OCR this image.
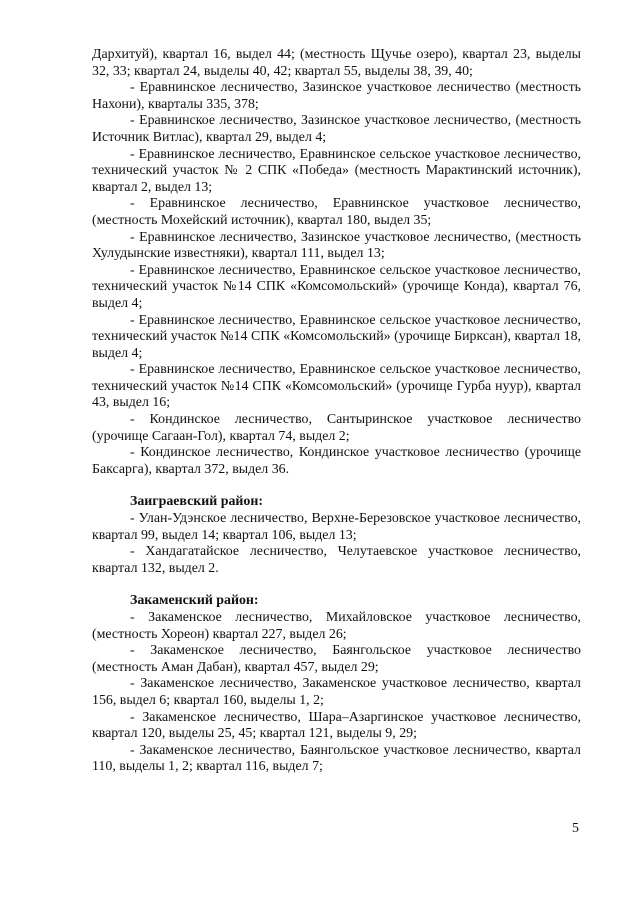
Дархитуй), квартал 16, выдел 44; (местность Щучье озеро), квартал 23, выделы 32, 33; квартал 24, выделы 40, 42; квартал 55, выделы 38, 39, 40;

- Еравнинское лесничество, Зазинское участковое лесничество (местность Нахони), кварталы 335, 378;

- Еравнинское лесничество, Зазинское участковое лесничество, (местность Источник Витлас), квартал 29, выдел 4;

- Еравнинское лесничество, Еравнинское сельское участковое лесничество, технический участок № 2 СПК «Победа» (местность Марактинский источник), квартал 2, выдел 13;

- Еравнинское лесничество, Еравнинское участковое лесничество, (местность Мохейский источник), квартал 180, выдел 35;

- Еравнинское лесничество, Зазинское участковое лесничество, (местность Хулудынские известняки), квартал 111, выдел 13;

- Еравнинское лесничество, Еравнинское сельское участковое лесничество, технический участок №14 СПК «Комсомольский» (урочище Конда), квартал 76, выдел 4;

- Еравнинское лесничество, Еравнинское сельское участковое лесничество, технический участок №14 СПК «Комсомольский» (урочище Бирксан), квартал 18, выдел 4;

- Еравнинское лесничество, Еравнинское сельское участковое лесничество, технический участок №14 СПК «Комсомольский» (урочище Гурба нуур), квартал 43, выдел 16;

- Кондинское лесничество, Сантыринское участковое лесничество (урочище Сагаан-Гол), квартал 74, выдел 2;

- Кондинское лесничество, Кондинское участковое лесничество (урочище Баксарга), квартал 372, выдел 36.

Заиграевский район:

- Улан-Удэнское лесничество, Верхне-Березовское участковое лесничество, квартал 99, выдел 14; квартал 106, выдел 13;

- Хандагатайское лесничество, Челутаевское участковое лесничество, квартал 132, выдел 2.

Закаменский район:

- Закаменское лесничество, Михайловское участковое лесничество, (местность Хореон) квартал 227, выдел 26;

- Закаменское лесничество, Баянгольское участковое лесничество (местность Аман Дабан), квартал 457, выдел 29;

- Закаменское лесничество, Закаменское участковое лесничество, квартал 156, выдел 6; квартал 160, выделы 1, 2;

- Закаменское лесничество, Шара–Азаргинское участковое лесничество, квартал 120, выделы 25, 45; квартал 121, выделы 9, 29;

- Закаменское лесничество, Баянгольское участковое лесничество, квартал 110, выделы 1, 2; квартал 116, выдел 7;

5
